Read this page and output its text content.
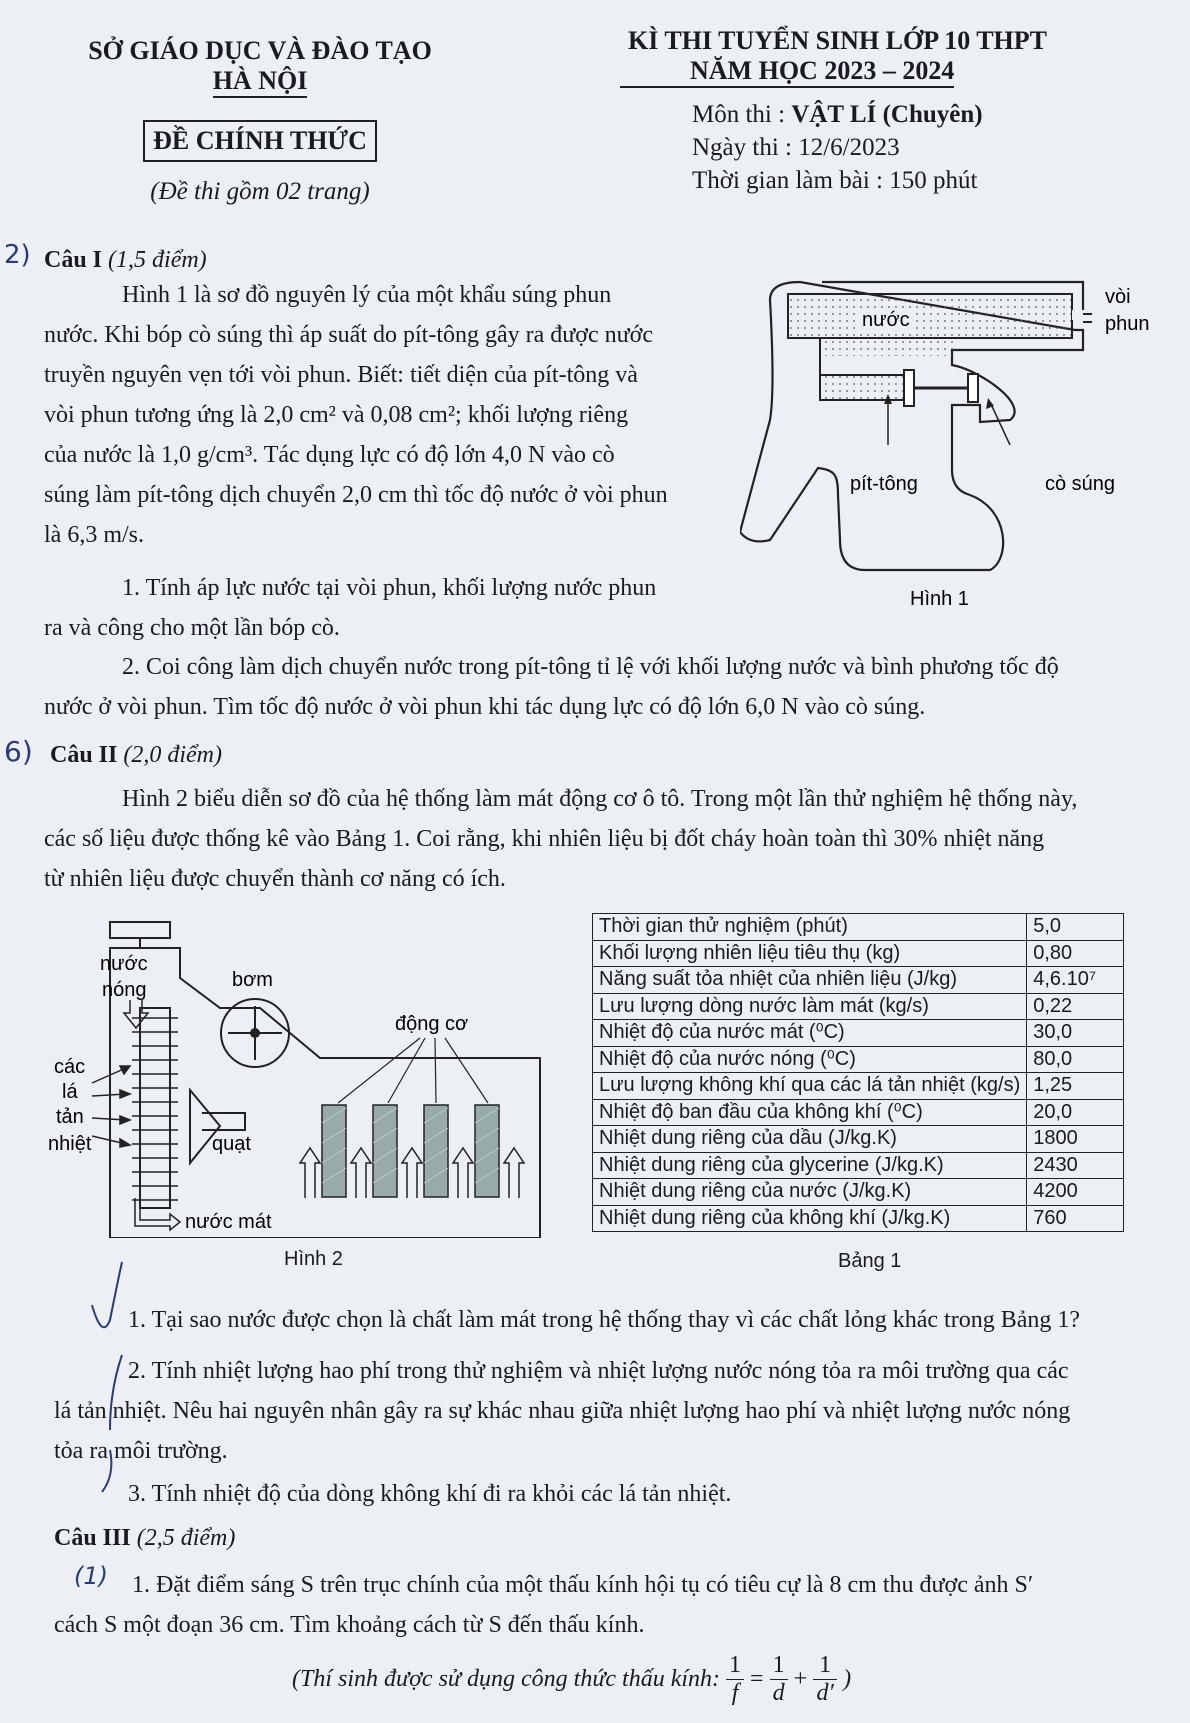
SỞ GIÁO DỤC VÀ ĐÀO TẠO
HÀ NỘI
ĐỀ CHÍNH THỨC
(Đề thi gồm 02 trang)
KÌ THI TUYỂN SINH LỚP 10 THPT
NĂM HỌC 2023 – 2024
Môn thi : VẬT LÍ (Chuyên)
Ngày thi : 12/6/2023
Thời gian làm bài : 150 phút
2) Câu I (1,5 điểm)

Hình 1 là sơ đồ nguyên lý của một khẩu súng phun

nước. Khi bóp cò súng thì áp suất do pít-tông gây ra được nước

truyền nguyên vẹn tới vòi phun. Biết: tiết diện của pít-tông và

vòi phun tương ứng là 2,0 cm² và 0,08 cm²; khối lượng riêng

của nước là 1,0 g/cm³. Tác dụng lực có độ lớn 4,0 N vào cò

súng làm pít-tông dịch chuyển 2,0 cm thì tốc độ nước ở vòi phun

là 6,3 m/s.

1. Tính áp lực nước tại vòi phun, khối lượng nước phun

ra và công cho một lần bóp cò.

2. Coi công làm dịch chuyển nước trong pít-tông tỉ lệ với khối lượng nước và bình phương tốc độ

nước ở vòi phun. Tìm tốc độ nước ở vòi phun khi tác dụng lực có độ lớn 6,0 N vào cò súng.

nước
vòi
phun
pít-tông	cò súng
Hình 1
6) Câu II (2,0 điểm)

Hình 2 biểu diễn sơ đồ của hệ thống làm mát động cơ ô tô. Trong một lần thử nghiệm hệ thống này,

các số liệu được thống kê vào Bảng 1. Coi rằng, khi nhiên liệu bị đốt cháy hoàn toàn thì 30% nhiệt năng

từ nhiên liệu được chuyển thành cơ năng có ích.

nước
nóng	bơm
động cơ
các
lá
tản
nhiệt	quạt
nước mát
Hình 2
Thời gian thử nghiệm (phút)	5,0
Khối lượng nhiên liệu tiêu thụ (kg)	0,80
Năng suất tỏa nhiệt của nhiên liệu (J/kg)	4,6.10⁷
Lưu lượng dòng nước làm mát (kg/s)	0,22
Nhiệt độ của nước mát (⁰C)	30,0
Nhiệt độ của nước nóng (⁰C)	80,0
Lưu lượng không khí qua các lá tản nhiệt (kg/s)	1,25
Nhiệt độ ban đầu của không khí (⁰C)	20,0
Nhiệt dung riêng của dầu (J/kg.K)	1800
Nhiệt dung riêng của glycerine (J/kg.K)	2430
Nhiệt dung riêng của nước (J/kg.K)	4200
Nhiệt dung riêng của không khí (J/kg.K)	760
Bảng 1

1. Tại sao nước được chọn là chất làm mát trong hệ thống thay vì các chất lỏng khác trong Bảng 1?

2. Tính nhiệt lượng hao phí trong thử nghiệm và nhiệt lượng nước nóng tỏa ra môi trường qua các

lá tản nhiệt. Nêu hai nguyên nhân gây ra sự khác nhau giữa nhiệt lượng hao phí và nhiệt lượng nước nóng

tỏa ra môi trường.

3. Tính nhiệt độ của dòng không khí đi ra khỏi các lá tản nhiệt.

Câu III (2,5 điểm)
(1)	1. Đặt điểm sáng S trên trục chính của một thấu kính hội tụ có tiêu cự là 8 cm thu được ảnh S′

cách S một đoạn 36 cm. Tìm khoảng cách từ S đến thấu kính.

(Thí sinh được sử dụng công thức thấu kính:
1
f
=
1
d
+
1
d′
)
